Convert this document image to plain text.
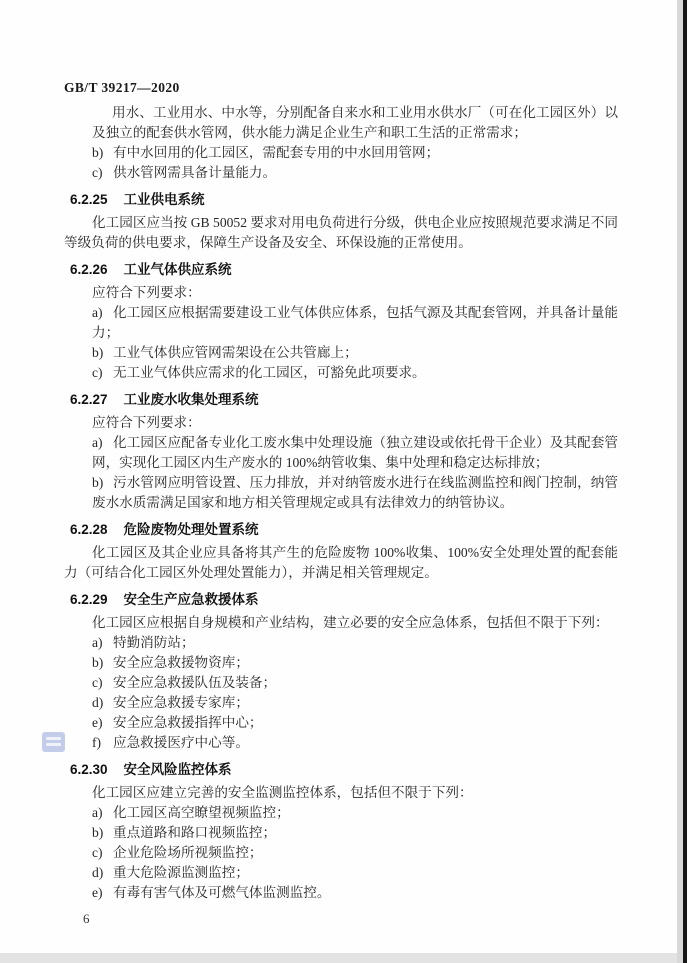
GB/T 39217—2020

用水、工业用水、中水等，分别配备自来水和工业用水供水厂（可在化工园区外）以及独立的配套供水管网，供水能力满足企业生产和职工生活的正常需求；

b) 有中水回用的化工园区，需配套专用的中水回用管网；
c) 供水管网需具备计量能力。
6.2.25 工业供电系统

化工园区应当按 GB 50052 要求对用电负荷进行分级，供电企业应按照规范要求满足不同等级负荷的供电要求，保障生产设备及安全、环保设施的正常使用。

6.2.26 工业气体供应系统

应符合下列要求：

a) 化工园区应根据需要建设工业气体供应体系，包括气源及其配套管网，并具备计量能力；
b) 工业气体供应管网需架设在公共管廊上；
c) 无工业气体供应需求的化工园区，可豁免此项要求。
6.2.27 工业废水收集处理系统

应符合下列要求：

a) 化工园区应配备专业化工废水集中处理设施（独立建设或依托骨干企业）及其配套管网，实现化工园区内生产废水的 100%纳管收集、集中处理和稳定达标排放；
b) 污水管网应明管设置、压力排放，并对纳管废水进行在线监测监控和阀门控制，纳管废水水质需满足国家和地方相关管理规定或具有法律效力的纳管协议。
6.2.28 危险废物处理处置系统

化工园区及其企业应具备将其产生的危险废物 100%收集、100%安全处理处置的配套能力（可结合化工园区外处理处置能力），并满足相关管理规定。

6.2.29 安全生产应急救援体系

化工园区应根据自身规模和产业结构，建立必要的安全应急体系，包括但不限于下列：

a) 特勤消防站；
b) 安全应急救援物资库；
c) 安全应急救援队伍及装备；
d) 安全应急救援专家库；
e) 安全应急救援指挥中心；
f) 应急救援医疗中心等。
6.2.30 安全风险监控体系

化工园区应建立完善的安全监测监控体系，包括但不限于下列：

a) 化工园区高空瞭望视频监控；
b) 重点道路和路口视频监控；
c) 企业危险场所视频监控；
d) 重大危险源监测监控；
e) 有毒有害气体及可燃气体监测监控。
6
